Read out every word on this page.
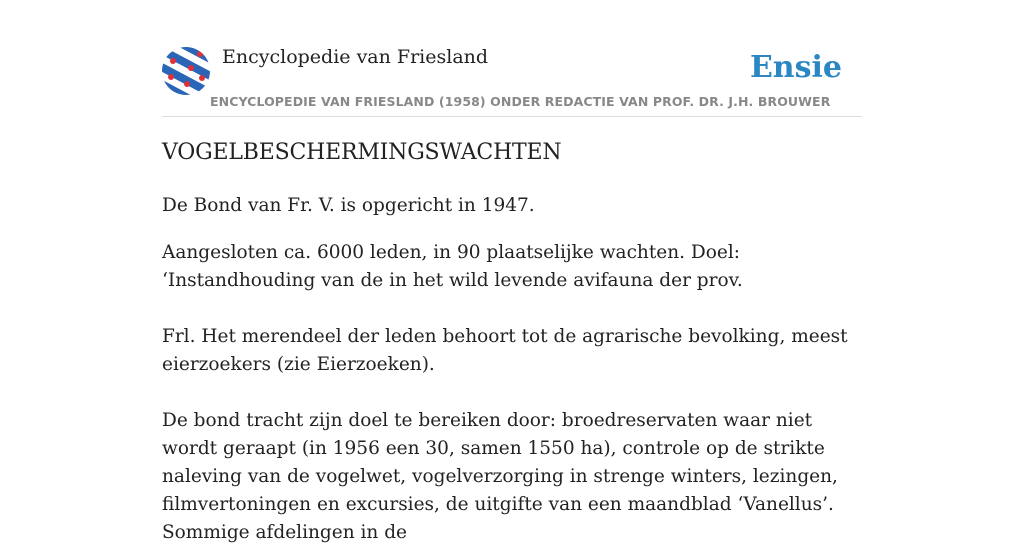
Encyclopedie van Friesland
ENCYCLOPEDIE VAN FRIESLAND (1958) ONDER REDACTIE VAN PROF. DR. J.H. BROUWER
Ensie
VOGELBESCHERMINGSWACHTEN

De Bond van Fr. V. is opgericht in 1947.

Aangesloten ca. 6000 leden, in 90 plaatselijke wachten. Doel: ‘Instandhouding van de in het wild levende avifauna der prov.

Frl. Het merendeel der leden behoort tot de agrarische bevolking, meest eierzoekers (zie Eierzoeken).

De bond tracht zijn doel te bereiken door: broedreservaten waar niet wordt geraapt (in 1956 een 30, samen 1550 ha), controle op de strikte naleving van de vogelwet, vogelverzorging in strenge winters, lezingen, filmvertoningen en excursies, de uitgifte van een maandblad ‘Vanellus’. Sommige afdelingen in de
